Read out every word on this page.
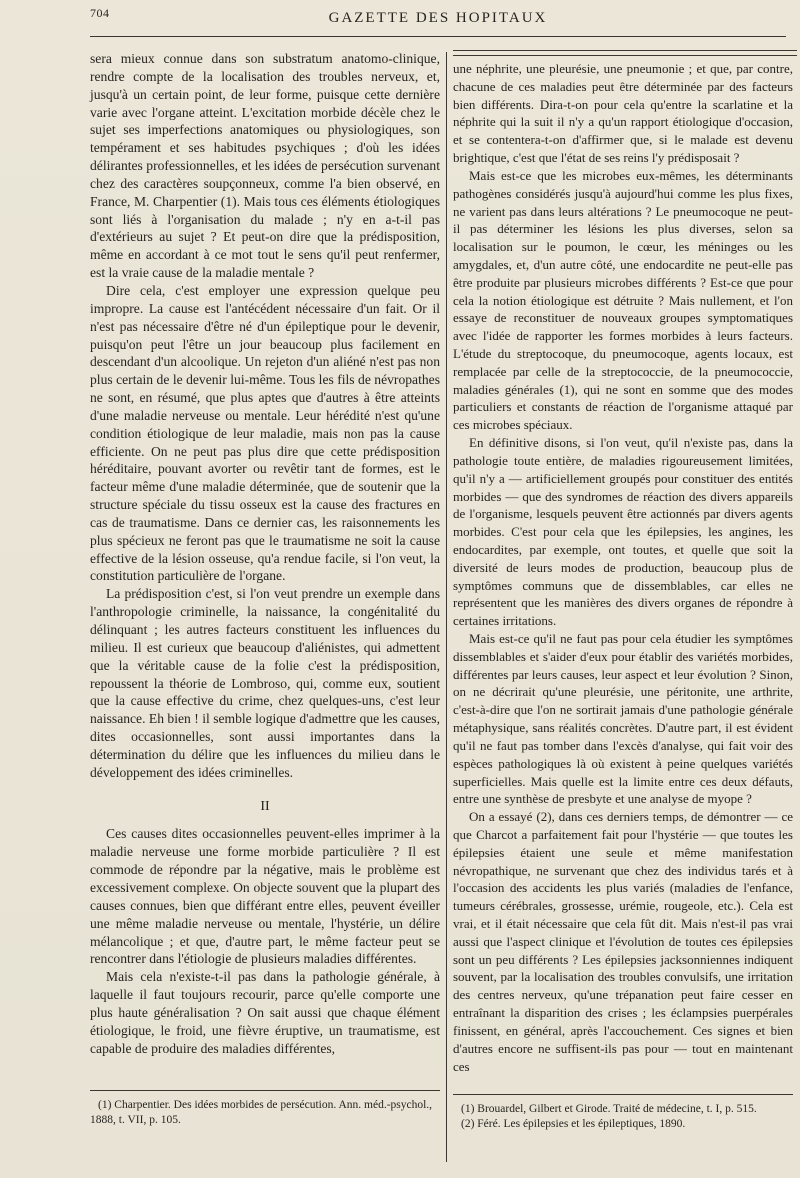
704	GAZETTE DES HOPITAUX

sera mieux connue dans son substratum anatomo-clinique, rendre compte de la localisation des troubles nerveux, et, jusqu'à un certain point, de leur forme, puisque cette dernière varie avec l'organe atteint. L'excitation morbide décèle chez le sujet ses imperfections anatomiques ou physiologiques, son tempérament et ses habitudes psychiques ; d'où les idées délirantes professionnelles, et les idées de persécution survenant chez des caractères soupçonneux, comme l'a bien observé, en France, M. Charpentier (1). Mais tous ces éléments étiologiques sont liés à l'organisation du malade ; n'y en a-t-il pas d'extérieurs au sujet ? Et peut-on dire que la prédisposition, même en accordant à ce mot tout le sens qu'il peut renfermer, est la vraie cause de la maladie mentale ?

Dire cela, c'est employer une expression quelque peu impropre. La cause est l'antécédent nécessaire d'un fait. Or il n'est pas nécessaire d'être né d'un épileptique pour le devenir, puisqu'on peut l'être un jour beaucoup plus facilement en descendant d'un alcoolique. Un rejeton d'un aliéné n'est pas non plus certain de le devenir lui-même. Tous les fils de névropathes ne sont, en résumé, que plus aptes que d'autres à être atteints d'une maladie nerveuse ou mentale. Leur hérédité n'est qu'une condition étiologique de leur maladie, mais non pas la cause efficiente. On ne peut pas plus dire que cette prédisposition héréditaire, pouvant avorter ou revêtir tant de formes, est le facteur même d'une maladie déterminée, que de soutenir que la structure spéciale du tissu osseux est la cause des fractures en cas de traumatisme. Dans ce dernier cas, les raisonnements les plus spécieux ne feront pas que le traumatisme ne soit la cause effective de la lésion osseuse, qu'a rendue facile, si l'on veut, la constitution particulière de l'organe.

La prédisposition c'est, si l'on veut prendre un exemple dans l'anthropologie criminelle, la naissance, la congénitalité du délinquant ; les autres facteurs constituent les influences du milieu. Il est curieux que beaucoup d'aliénistes, qui admettent que la véritable cause de la folie c'est la prédisposition, repoussent la théorie de Lombroso, qui, comme eux, soutient que la cause effective du crime, chez quelques-uns, c'est leur naissance. Eh bien ! il semble logique d'admettre que les causes, dites occasionnelles, sont aussi importantes dans la détermination du délire que les influences du milieu dans le développement des idées criminelles.

II

Ces causes dites occasionnelles peuvent-elles imprimer à la maladie nerveuse une forme morbide particulière ? Il est commode de répondre par la négative, mais le problème est excessivement complexe. On objecte souvent que la plupart des causes connues, bien que différant entre elles, peuvent éveiller une même maladie nerveuse ou mentale, l'hystérie, un délire mélancolique ; et que, d'autre part, le même facteur peut se rencontrer dans l'étiologie de plusieurs maladies différentes.

Mais cela n'existe-t-il pas dans la pathologie générale, à laquelle il faut toujours recourir, parce qu'elle comporte une plus haute généralisation ? On sait aussi que chaque élément étiologique, le froid, une fièvre éruptive, un traumatisme, est capable de produire des maladies différentes,

une néphrite, une pleurésie, une pneumonie ; et que, par contre, chacune de ces maladies peut être déterminée par des facteurs bien différents. Dira-t-on pour cela qu'entre la scarlatine et la néphrite qui la suit il n'y a qu'un rapport étiologique d'occasion, et se contentera-t-on d'affirmer que, si le malade est devenu brightique, c'est que l'état de ses reins l'y prédisposait ?

Mais est-ce que les microbes eux-mêmes, les déterminants pathogènes considérés jusqu'à aujourd'hui comme les plus fixes, ne varient pas dans leurs altérations ? Le pneumocoque ne peut-il pas déterminer les lésions les plus diverses, selon sa localisation sur le poumon, le cœur, les méninges ou les amygdales, et, d'un autre côté, une endocardite ne peut-elle pas être produite par plusieurs microbes différents ? Est-ce que pour cela la notion étiologique est détruite ? Mais nullement, et l'on essaye de reconstituer de nouveaux groupes symptomatiques avec l'idée de rapporter les formes morbides à leurs facteurs. L'étude du streptocoque, du pneumocoque, agents locaux, est remplacée par celle de la streptococcie, de la pneumococcie, maladies générales (1), qui ne sont en somme que des modes particuliers et constants de réaction de l'organisme attaqué par ces microbes spéciaux.

En définitive disons, si l'on veut, qu'il n'existe pas, dans la pathologie toute entière, de maladies rigoureusement limitées, qu'il n'y a — artificiellement groupés pour constituer des entités morbides — que des syndromes de réaction des divers appareils de l'organisme, lesquels peuvent être actionnés par divers agents morbides. C'est pour cela que les épilepsies, les angines, les endocardites, par exemple, ont toutes, et quelle que soit la diversité de leurs modes de production, beaucoup plus de symptômes communs que de dissemblables, car elles ne représentent que les manières des divers organes de répondre à certaines irritations.

Mais est-ce qu'il ne faut pas pour cela étudier les symptômes dissemblables et s'aider d'eux pour établir des variétés morbides, différentes par leurs causes, leur aspect et leur évolution ? Sinon, on ne décrirait qu'une pleurésie, une péritonite, une arthrite, c'est-à-dire que l'on ne sortirait jamais d'une pathologie générale métaphysique, sans réalités concrètes. D'autre part, il est évident qu'il ne faut pas tomber dans l'excès d'analyse, qui fait voir des espèces pathologiques là où existent à peine quelques variétés superficielles. Mais quelle est la limite entre ces deux défauts, entre une synthèse de presbyte et une analyse de myope ?

On a essayé (2), dans ces derniers temps, de démontrer — ce que Charcot a parfaitement fait pour l'hystérie — que toutes les épilepsies étaient une seule et même manifestation névropathique, ne survenant que chez des individus tarés et à l'occasion des accidents les plus variés (maladies de l'enfance, tumeurs cérébrales, grossesse, urémie, rougeole, etc.). Cela est vrai, et il était nécessaire que cela fût dit. Mais n'est-il pas vrai aussi que l'aspect clinique et l'évolution de toutes ces épilepsies sont un peu différents ? Les épilepsies jacksonniennes indiquent souvent, par la localisation des troubles convulsifs, une irritation des centres nerveux, qu'une trépanation peut faire cesser en entraînant la disparition des crises ; les éclampsies puerpérales finissent, en général, après l'accouchement. Ces signes et bien d'autres encore ne suffisent-ils pas pour — tout en maintenant ces

(1) Charpentier. Des idées morbides de persécution. Ann. méd.-psychol., 1888, t. VII, p. 105.

(1) Brouardel, Gilbert et Girode. Traité de médecine, t. I, p. 515.

(2) Féré. Les épilepsies et les épileptiques, 1890.
